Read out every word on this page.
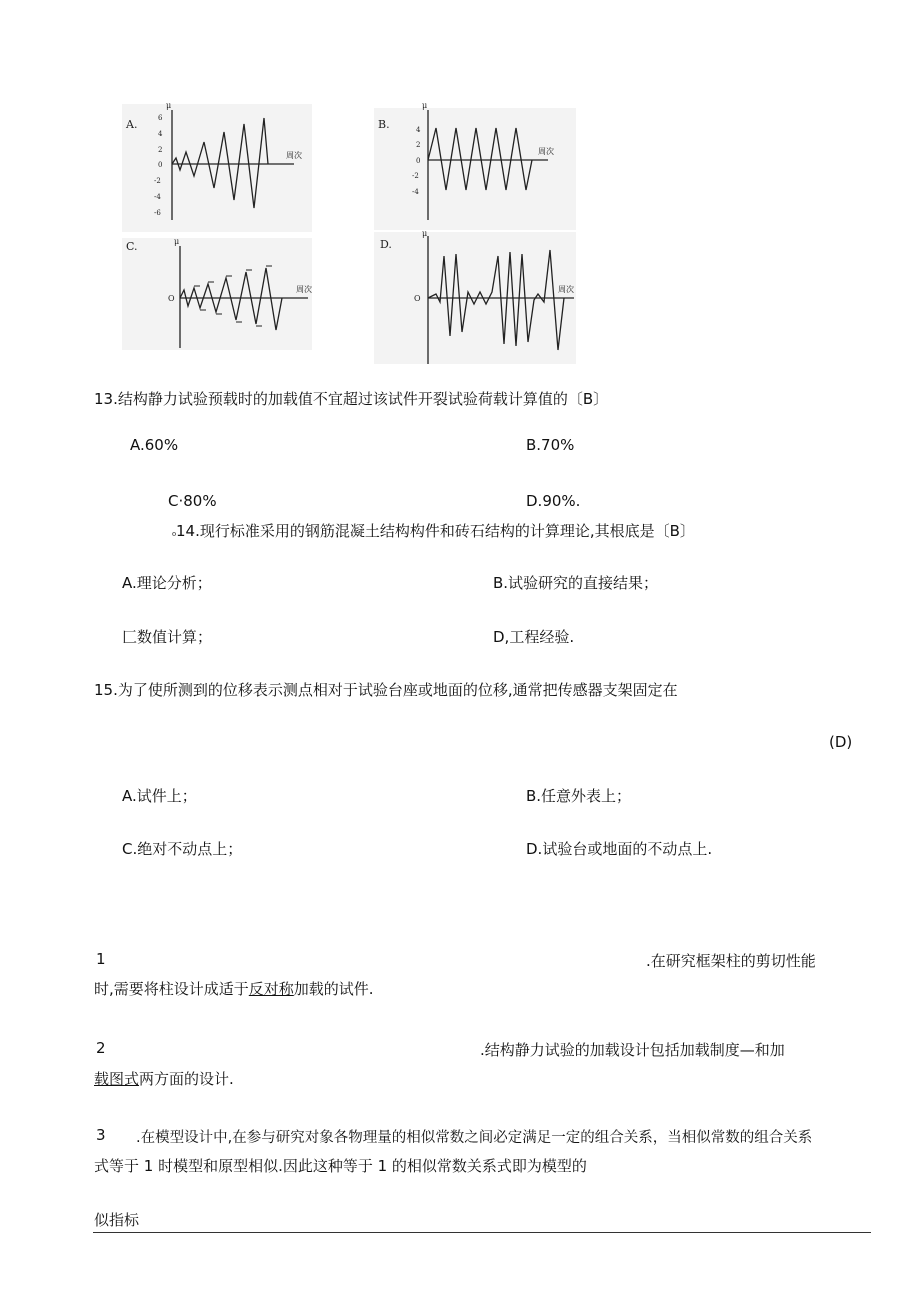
A.
μ
周次
6
4
2
0
-2
-4
-6
B.
μ
周次
4
2
0
-2
-4
C.	μ
周次
O
D.
μ
周次
O
13.结构静力试验预载时的加载值不宜超过该试件开裂试验荷载计算值的〔B〕
A.60%	B.70%
C·80%	D.90%.
₀14.现行标准采用的钢筋混凝土结构构件和砖石结构的计算理论,其根底是〔B〕
A.理论分析；	B.试验研究的直接结果；
匚数值计算；	D,工程经验.
15.为了使所测到的位移表示测点相对于试验台座或地面的位移,通常把传感器支架固定在
(D)
A.试件上；	B.任意外表上；
C.绝对不动点上；	D.试验台或地面的不动点上.
1	.在研究框架柱的剪切性能
时,需要将柱设计成适于反对称加载的试件.
2	.结构静力试验的加载设计包括加载制度—和加
载图式两方面的设计.
3 .在模型设计中,在参与研究对象各物理量的相似常数之间必定满足一定的组合关系，当相似常数的组合关系
式等于 1 时模型和原型相似.因此这种等于 1 的相似常数关系式即为模型的
似指标
